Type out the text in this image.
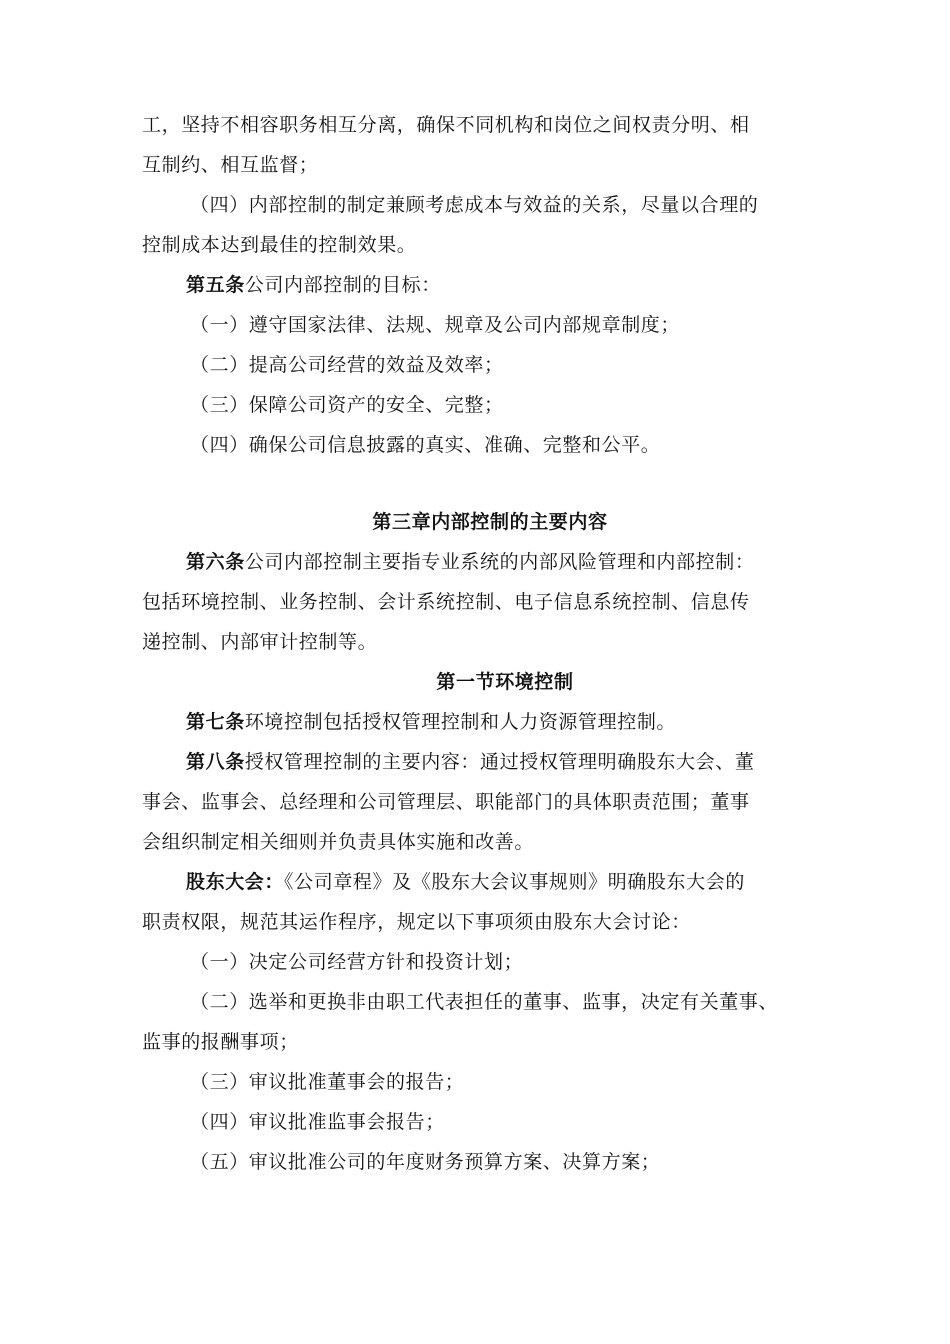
工，坚持不相容职务相互分离，确保不同机构和岗位之间权责分明、相
互制约、相互监督；
（四）内部控制的制定兼顾考虑成本与效益的关系，尽量以合理的
控制成本达到最佳的控制效果。
第五条公司内部控制的目标：
（一）遵守国家法律、法规、规章及公司内部规章制度；
（二）提高公司经营的效益及效率；
（三）保障公司资产的安全、完整；
（四）确保公司信息披露的真实、准确、完整和公平。
第三章内部控制的主要内容
第六条公司内部控制主要指专业系统的内部风险管理和内部控制：
包括环境控制、业务控制、会计系统控制、电子信息系统控制、信息传
递控制、内部审计控制等。
第一节环境控制
第七条环境控制包括授权管理控制和人力资源管理控制。
第八条授权管理控制的主要内容：通过授权管理明确股东大会、董
事会、监事会、总经理和公司管理层、职能部门的具体职责范围；董事
会组织制定相关细则并负责具体实施和改善。
股东大会：《公司章程》及《股东大会议事规则》明确股东大会的
职责权限，规范其运作程序，规定以下事项须由股东大会讨论：
（一）决定公司经营方针和投资计划；
（二）选举和更换非由职工代表担任的董事、监事，决定有关董事、
监事的报酬事项；
（三）审议批准董事会的报告；
（四）审议批准监事会报告；
（五）审议批准公司的年度财务预算方案、决算方案；
